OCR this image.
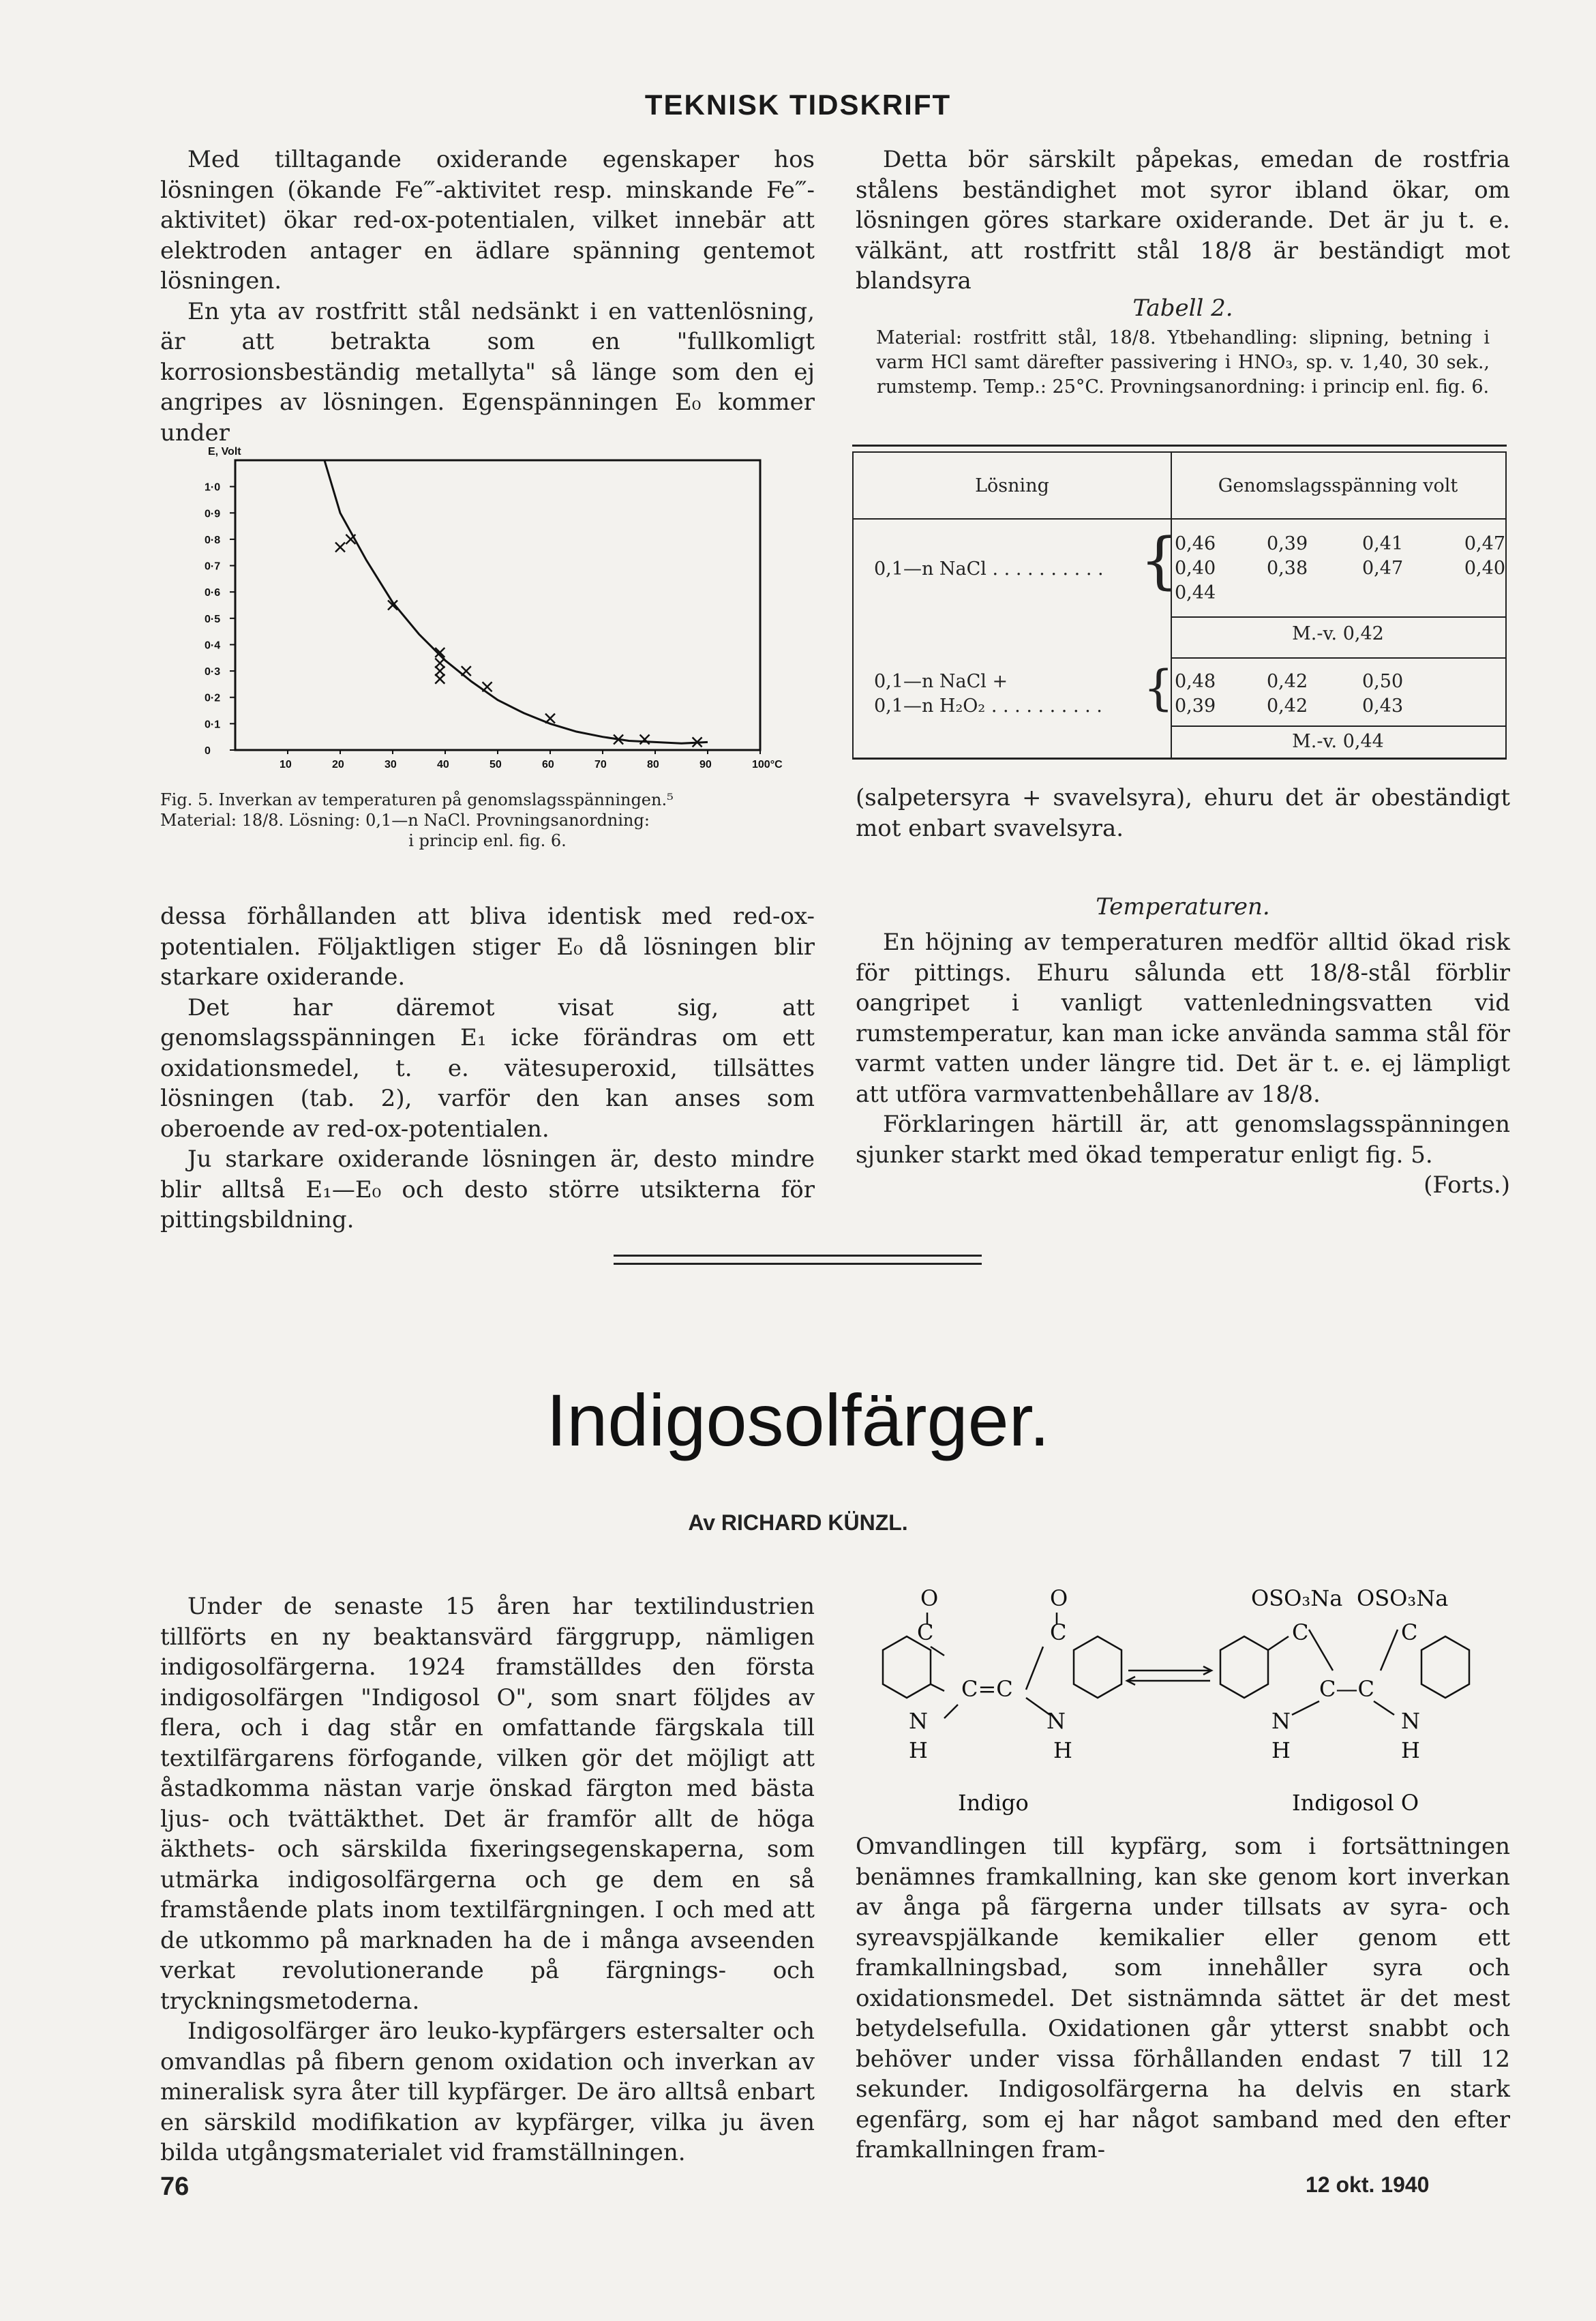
TEKNISK TIDSKRIFT

Med tilltagande oxiderande egenskaper hos lösningen (ökande Fe‴-aktivitet resp. minskande Fe‴-aktivitet) ökar red-ox-potentialen, vilket innebär att elektroden antager en ädlare spänning gentemot lösningen.

En yta av rostfritt stål nedsänkt i en vattenlösning, är att betrakta som en "fullkomligt korrosionsbeständig metallyta" så länge som den ej angripes av lösningen. Egenspänningen E₀ kommer under

E, Volt
1·0
0·9
0·8
0·7
0·6
0·5
0·4
0·3
0·2
0·1
0
10	20	30	40	50	60	70	80	90	100°C

Fig. 5. Inverkan av temperaturen på genomslagsspänningen.⁵

Material: 18/8. Lösning: 0,1—n NaCl. Provningsanordning:

i princip enl. fig. 6.

dessa förhållanden att bliva identisk med red-ox-potentialen. Följaktligen stiger E₀ då lösningen blir starkare oxiderande.

Det har däremot visat sig, att genomslagsspänningen E₁ icke förändras om ett oxidationsmedel, t. e. vätesuperoxid, tillsättes lösningen (tab. 2), varför den kan anses som oberoende av red-ox-potentialen.

Ju starkare oxiderande lösningen är, desto mindre blir alltså E₁—E₀ och desto större utsikterna för pittingsbildning.

Detta bör särskilt påpekas, emedan de rostfria stålens beständighet mot syror ibland ökar, om lösningen göres starkare oxiderande. Det är ju t. e. välkänt, att rostfritt stål 18/8 är beständigt mot blandsyra

Tabell 2.

Material: rostfritt stål, 18/8. Ytbehandling: slipning, betning i varm HCl samt därefter passivering i HNO₃, sp. v. 1,40, 30 sek., rumstemp. Temp.: 25°C. Provningsanordning: i princip enl. fig. 6.

Lösning	Genomslagsspänning volt
0,1—n NaCl . . . . . . . . . . {
0,46	0,39	0,41	0,47
0,40	0,38	0,47	0,40
0,44
M.-v. 0,42
0,1—n NaCl +
0,1—n H₂O₂ . . . . . . . . . . { 0,48	0,42	0,50
0,39	0,42	0,43
M.-v. 0,44

(salpetersyra + svavelsyra), ehuru det är obeständigt mot enbart svavelsyra.

Temperaturen.

En höjning av temperaturen medför alltid ökad risk för pittings. Ehuru sålunda ett 18/8-stål förblir oangripet i vanligt vattenledningsvatten vid rumstemperatur, kan man icke använda samma stål för varmt vatten under längre tid. Det är t. e. ej lämpligt att utföra varmvattenbehållare av 18/8.

Förklaringen härtill är, att genomslagsspänningen sjunker starkt med ökad temperatur enligt fig. 5.

(Forts.)

Indigosolfärger.
Av RICHARD KÜNZL.

Under de senaste 15 åren har textilindustrien tillförts en ny beaktansvärd färggrupp, nämligen indigosolfärgerna. 1924 framställdes den första indigosolfärgen "Indigosol O", som snart följdes av flera, och i dag står en omfattande färgskala till textilfärgarens förfogande, vilken gör det möjligt att åstadkomma nästan varje önskad färgton med bästa ljus- och tvättäkthet. Det är framför allt de höga äkthets- och särskilda fixeringsegenskaperna, som utmärka indigosolfärgerna och ge dem en så framstående plats inom textilfärgningen. I och med att de utkommo på marknaden ha de i många avseenden verkat revolutionerande på färgnings- och tryckningsmetoderna.

Indigosolfärger äro leuko-kypfärgers estersalter och omvandlas på fibern genom oxidation och inverkan av mineralisk syra åter till kypfärger. De äro alltså enbart en särskild modifikation av kypfärger, vilka ju även bilda utgångsmaterialet vid framställningen.

O
C
C=C
N
H
O
C
N
H
OSO₃Na OSO₃Na
C	C
C—C
N
H
N
H
Indigo	Indigosol O

Omvandlingen till kypfärg, som i fortsättningen benämnes framkallning, kan ske genom kort inverkan av ånga på färgerna under tillsats av syra- och syreavspjälkande kemikalier eller genom ett framkallningsbad, som innehåller syra och oxidationsmedel. Det sistnämnda sättet är det mest betydelsefulla. Oxidationen går ytterst snabbt och behöver under vissa förhållanden endast 7 till 12 sekunder. Indigosolfärgerna ha delvis en stark egenfärg, som ej har något samband med den efter framkallningen fram-

76	12 okt. 1940
